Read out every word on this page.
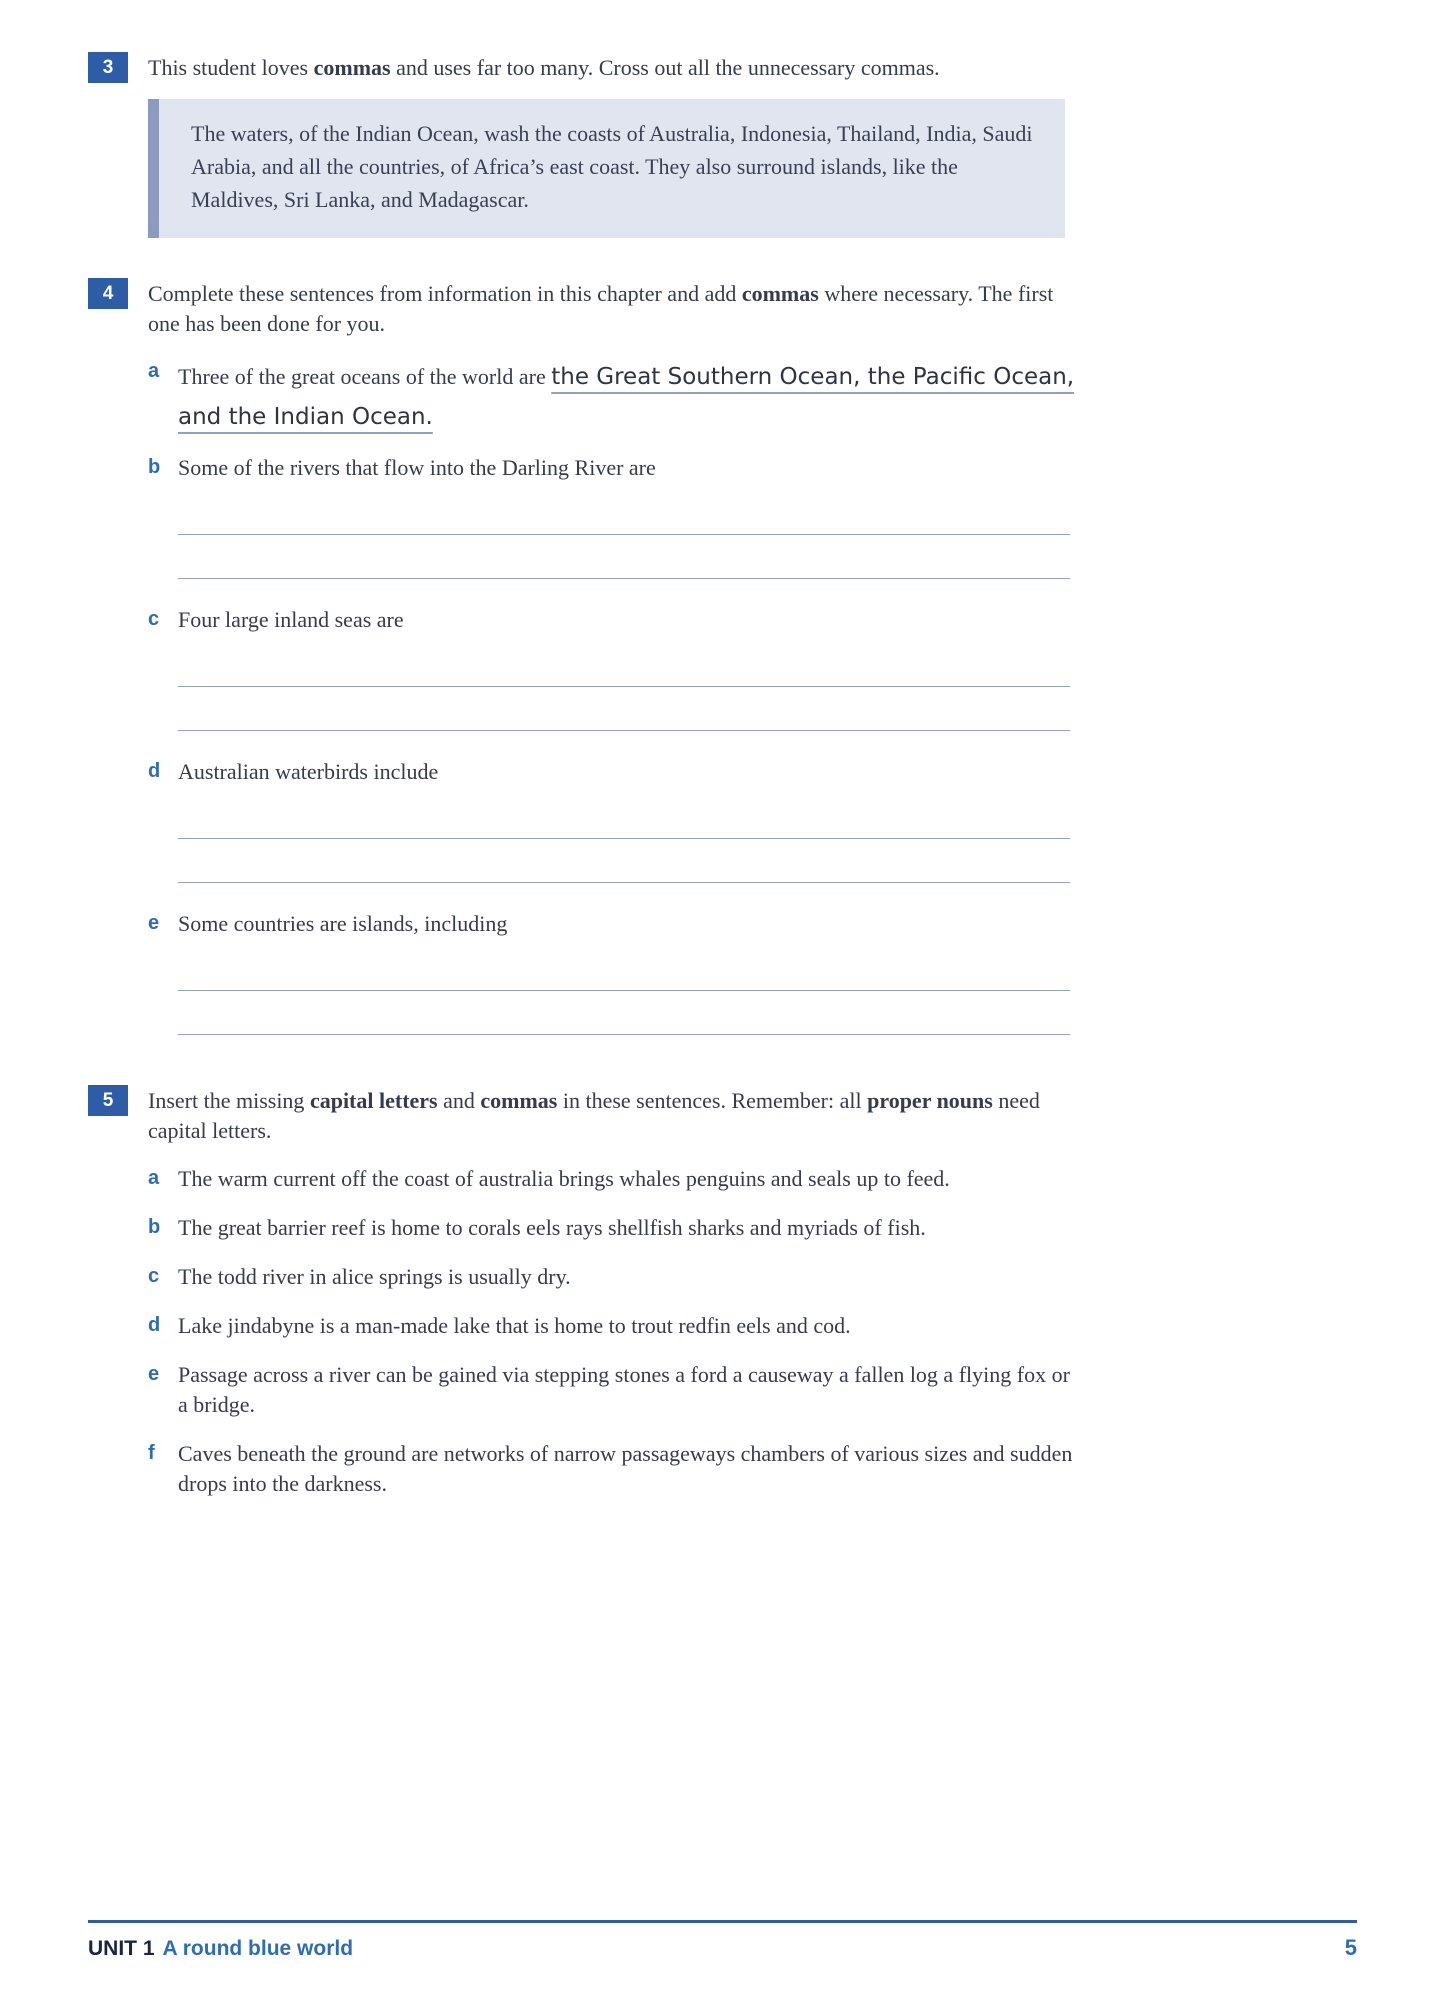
3	This student loves commas and uses far too many. Cross out all the unnecessary commas.

The waters, of the Indian Ocean, wash the coasts of Australia, Indonesia, Thailand, India, Saudi Arabia, and all the countries, of Africa’s east coast. They also surround islands, like the Maldives, Sri Lanka, and Madagascar.

4	Complete these sentences from information in this chapter and add commas where necessary. The first one has been done for you.

a Three of the great oceans of the world are the Great Southern Ocean, the Pacific Ocean, and the Indian Ocean.

b Some of the rivers that flow into the Darling River are

c Four large inland seas are

d Australian waterbirds include

e Some countries are islands, including

5	Insert the missing capital letters and commas in these sentences. Remember: all proper nouns need capital letters.

a The warm current off the coast of australia brings whales penguins and seals up to feed.

b The great barrier reef is home to corals eels rays shellfish sharks and myriads of fish.

c The todd river in alice springs is usually dry.

d Lake jindabyne is a man-made lake that is home to trout redfin eels and cod.

e Passage across a river can be gained via stepping stones a ford a causeway a fallen log a flying fox or a bridge.

f	Caves beneath the ground are networks of narrow passageways chambers of various sizes and sudden drops into the darkness.

UNIT 1 A round blue world	5
